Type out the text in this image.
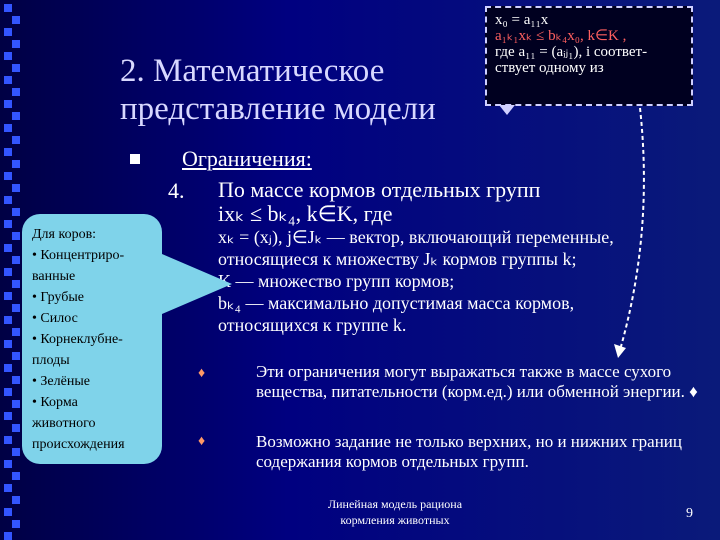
2. Математическое представление модели
x₀ = a₁₁x
a₁ₖ₁xₖ ≤ bₖ₄x₀, k∈K ,
где a₁₁ = (aᵢⱼ₁), i соответ-
ствует одному из
Ограничения:
4. По массе кормов отдельных групп
ixₖ ≤ bₖ₄, k∈K, где
xₖ = (xⱼ), j∈Jₖ — вектор, включающий переменные,
относящиеся к множеству Jₖ кормов группы k;
K — множество групп кормов;
bₖ₄ — максимально допустимая масса кормов,
относящихся к группе k.
Для коров:
• Концентриро-
ванные
• Грубые
• Силос
• Корнеклубне-
плоды
• Зелёные
• Корма
животного
происхождения
♦	Эти ограничения могут выражаться также в массе сухого вещества, питательности (корм.ед.) или обменной энергии. ♦
♦	Возможно задание не только верхних, но и нижних границ содержания кормов отдельных групп.
Линейная модель рациона
кормления животных	9
